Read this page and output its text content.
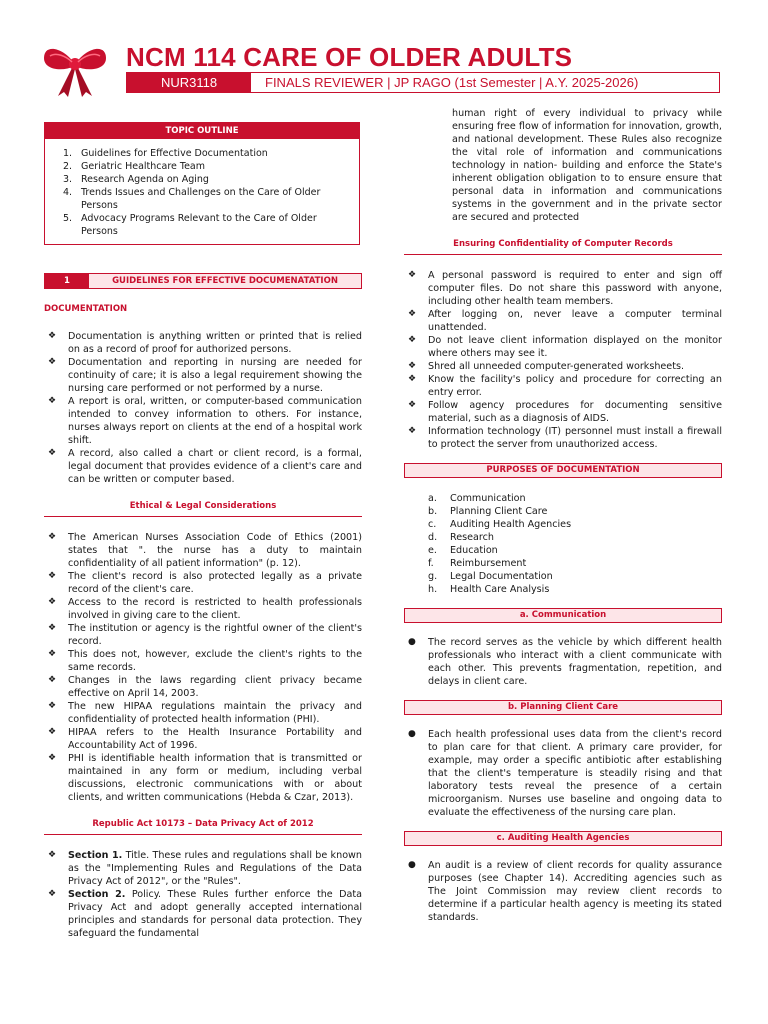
NCM 114 CARE OF OLDER ADULTS
NUR3118	FINALS REVIEWER | JP RAGO (1st Semester | A.Y. 2025-2026)
TOPIC OUTLINE
1. Guidelines for Effective Documentation
2. Geriatric Healthcare Team
3. Research Agenda on Aging
4. Trends Issues and Challenges on the Care of Older Persons
5. Advocacy Programs Relevant to the Care of Older Persons
1	GUIDELINES FOR EFFECTIVE DOCUMENATATION
DOCUMENTATION
❖	Documentation is anything written or printed that is relied on as a record of proof for authorized persons.
❖	Documentation and reporting in nursing are needed for continuity of care; it is also a legal requirement showing the nursing care performed or not performed by a nurse.
❖	A report is oral, written, or computer-based communication intended to convey information to others. For instance, nurses always report on clients at the end of a hospital work shift.
❖	A record, also called a chart or client record, is a formal, legal document that provides evidence of a client's care and can be written or computer based.
Ethical & Legal Considerations
❖	The American Nurses Association Code of Ethics (2001) states that ". the nurse has a duty to maintain confidentiality of all patient information" (p. 12).
❖	The client's record is also protected legally as a private record of the client's care.
❖	Access to the record is restricted to health professionals involved in giving care to the client.
❖	The institution or agency is the rightful owner of the client's record.
❖	This does not, however, exclude the client's rights to the same records.
❖	Changes in the laws regarding client privacy became effective on April 14, 2003.
❖	The new HIPAA regulations maintain the privacy and confidentiality of protected health information (PHI).
❖	HIPAA refers to the Health Insurance Portability and Accountability Act of 1996.
❖	PHI is identifiable health information that is transmitted or maintained in any form or medium, including verbal discussions, electronic communications with or about clients, and written communications (Hebda & Czar, 2013).
Republic Act 10173 – Data Privacy Act of 2012
❖	Section 1. Title. These rules and regulations shall be known as the "Implementing Rules and Regulations of the Data Privacy Act of 2012", or the "Rules".
❖	Section 2. Policy. These Rules further enforce the Data Privacy Act and adopt generally accepted international principles and standards for personal data protection. They safeguard the fundamental
human right of every individual to privacy while ensuring free flow of information for innovation, growth, and national development. These Rules also recognize the vital role of information and communications technology in nation- building and enforce the State's inherent obligation obligation to to ensure ensure that personal data in information and communications systems in the government and in the private sector are secured and protected
Ensuring Confidentiality of Computer Records
❖	A personal password is required to enter and sign off computer files. Do not share this password with anyone, including other health team members.
❖	After logging on, never leave a computer terminal unattended.
❖	Do not leave client information displayed on the monitor where others may see it.
❖	Shred all unneeded computer-generated worksheets.
❖	Know the facility's policy and procedure for correcting an entry error.
❖	Follow agency procedures for documenting sensitive material, such as a diagnosis of AIDS.
❖	Information technology (IT) personnel must install a firewall to protect the server from unauthorized access.
PURPOSES OF DOCUMENTATION
a.	Communication
b.	Planning Client Care
c.	Auditing Health Agencies
d.	Research
e.	Education
f.	Reimbursement
g.	Legal Documentation
h.	Health Care Analysis
a. Communication
●	The record serves as the vehicle by which different health professionals who interact with a client communicate with each other. This prevents fragmentation, repetition, and delays in client care.
b. Planning Client Care
●	Each health professional uses data from the client's record to plan care for that client. A primary care provider, for example, may order a specific antibiotic after establishing that the client's temperature is steadily rising and that laboratory tests reveal the presence of a certain microorganism. Nurses use baseline and ongoing data to evaluate the effectiveness of the nursing care plan.
c. Auditing Health Agencies
●	An audit is a review of client records for quality assurance purposes (see Chapter 14). Accrediting agencies such as The Joint Commission may review client records to determine if a particular health agency is meeting its stated standards.
